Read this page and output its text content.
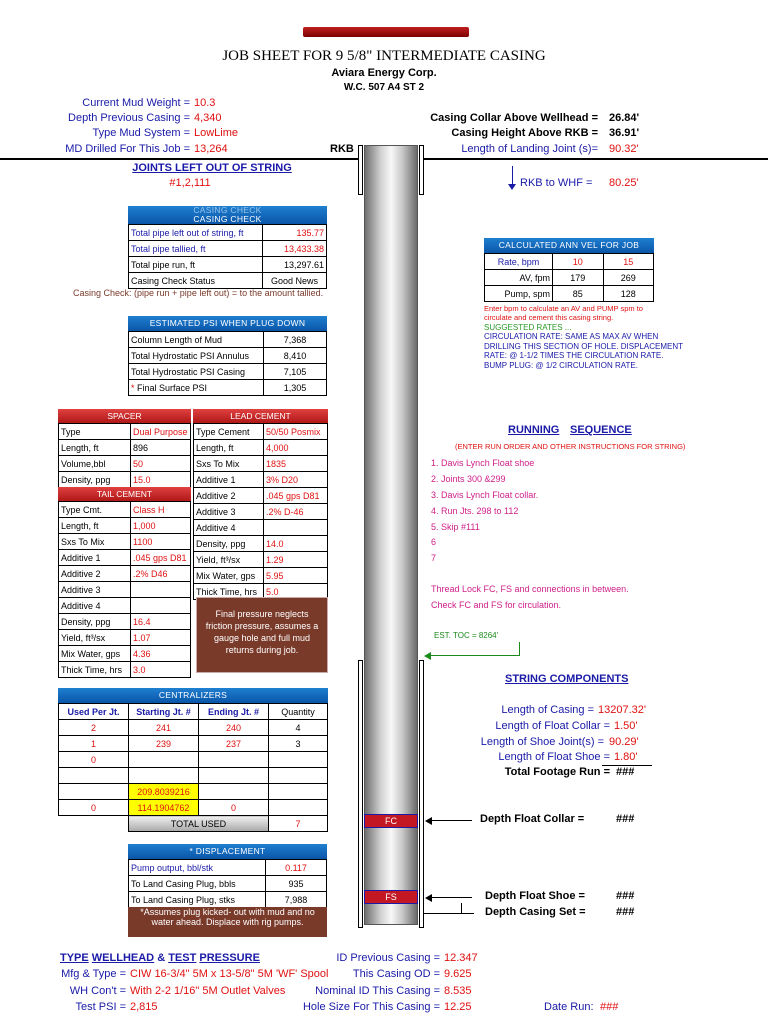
JOB SHEET FOR 9 5/8" INTERMEDIATE CASING
Aviara Energy Corp.
W.C. 507 A4 ST 2
Current Mud Weight = 10.3
Depth Previous Casing = 4,340
Type Mud System = LowLime
MD Drilled For This Job = 13,264
Casing Collar Above Wellhead = 26.84'
Casing Height Above RKB = 36.91'
Length of Landing Joint (s)= 90.32'
RKB
FC
FS
JOINTS LEFT OUT OF STRING
#1,2,111	RKB to WHF = 80.25'
CASING CHECK
CASING CHECK
Total pipe left out of string, ft	135.77
Total pipe tallied, ft	13,433.38
Total pipe run, ft	13,297.61
Casing Check Status	Good News
Casing Check: (pipe run + pipe left out) = to the amount tallied.
CALCULATED ANN VEL FOR JOB
Rate, bpm	10	15
AV, fpm	179	269
Pump, spm	85	128
Enter bpm to calculate an AV and PUMP spm to circulate and cement this casing string.
SUGGESTED RATES ...
CIRCULATION RATE: SAME AS MAX AV WHEN DRILLING THIS SECTION OF HOLE. DISPLACEMENT RATE: @ 1-1/2 TIMES THE CIRCULATION RATE. BUMP PLUG: @ 1/2 CIRCULATION RATE.
ESTIMATED PSI WHEN PLUG DOWN
Column Length of Mud	7,368
Total Hydrostatic PSI Annulus	8,410
Total Hydrostatic PSI Casing	7,105
* Final Surface PSI	1,305
SPACER
Type	Dual Purpose
Length, ft	896
Volume,bbl	50
Density, ppg	15.0
TAIL CEMENT
Type Cmt.	Class H
Length, ft	1,000
Sxs To Mix	1100
Additive 1	.045 gps D81
Additive 2	.2% D46
Additive 3	
Additive 4	
Density, ppg	16.4
Yield, ft³/sx	1.07
Mix Water, gps	4.36
Thick Time, hrs	3.0
LEAD CEMENT
Type Cement	50/50 Posmix
Length, ft	4,000
Sxs To Mix	1835
Additive 1	3% D20
Additive 2	.045 gps D81
Additive 3	.2% D-46
Additive 4	
Density, ppg	14.0
Yield, ft³/sx	1.29
Mix Water, gps	5.95
Thick Time, hrs	5.0
Final pressure neglects friction pressure, assumes a gauge hole and full mud returns during job.
RUNNING SEQUENCE
(ENTER RUN ORDER AND OTHER INSTRUCTIONS FOR STRING)
1. Davis Lynch Float shoe
2. Joints 300 &299
3. Davis Lynch Float collar.
4. Run Jts. 298 to 112
5. Skip #111
6
7
Thread Lock FC, FS and connections in between.
Check FC and FS for circulation.
EST. TOC = 8264'
CENTRALIZERS
Used Per Jt.	Starting Jt. #	Ending Jt. #	Quantity
2	241	240	4
1	239	237	3
0			

	209.8039216		
0	114.1904762	0	
	TOTAL USED		7
STRING COMPONENTS
Length of Casing = 13207.32'
Length of Float Collar = 1.50'
Length of Shoe Joint(s) = 90.29'
Length of Float Shoe = 1.80'
Total Footage Run = ###
Depth Float Collar =	###
Depth Float Shoe =	###
Depth Casing Set =	###
* DISPLACEMENT
Pump output, bbl/stk	0.117
To Land Casing Plug, bbls	935
To Land Casing Plug, stks	7,988
*Assumes plug kicked- out with mud and no water ahead. Displace with rig pumps.
TYPE WELLHEAD & TEST PRESSURE
Mfg & Type = CIW 16-3/4" 5M x 13-5/8" 5M 'WF' Spool
WH Con't = With 2-2 1/16" 5M Outlet Valves
Test PSI = 2,815
ID Previous Casing = 12.347
This Casing OD = 9.625
Nominal ID This Casing = 8.535
Hole Size For This Casing = 12.25	Date Run: ###
